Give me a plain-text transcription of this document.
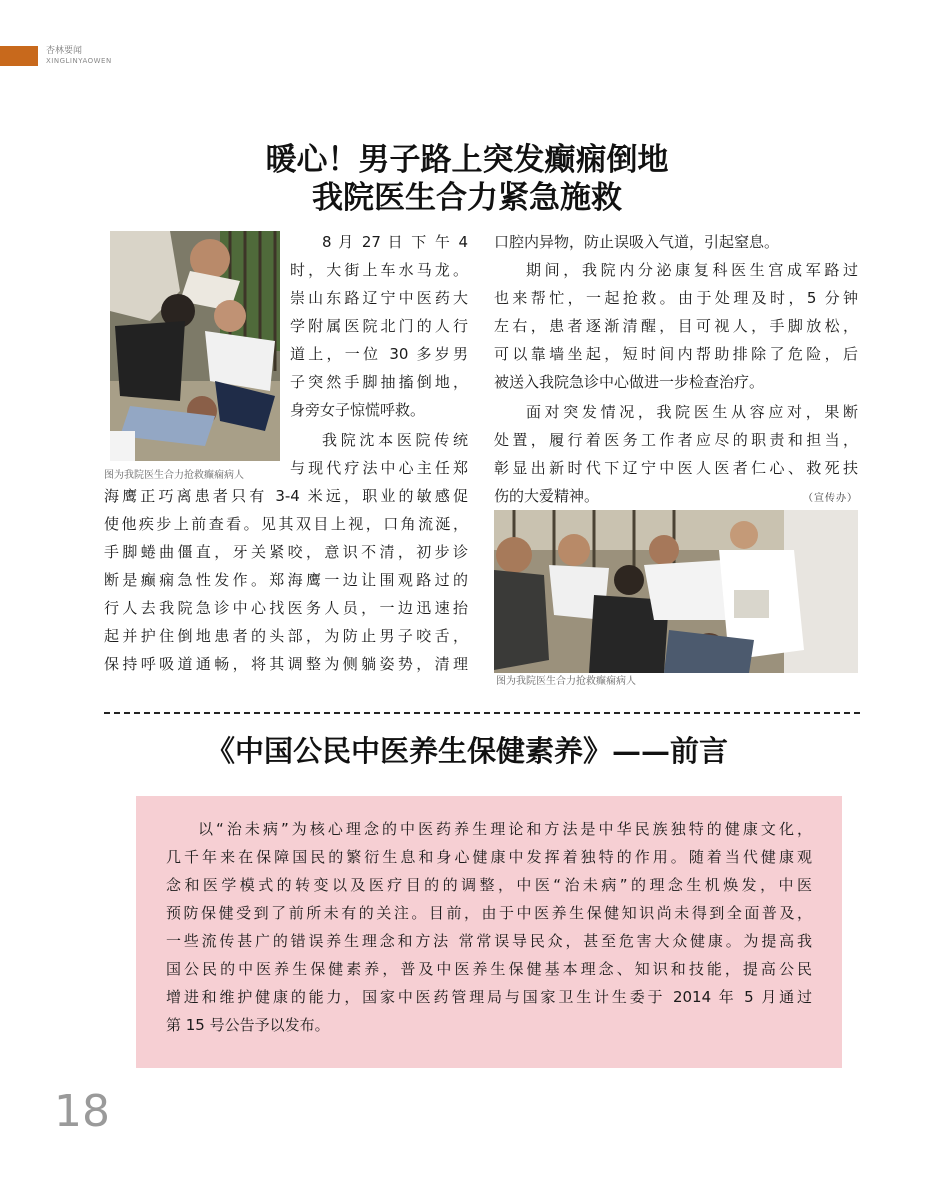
杏林要闻
XINGLINYAOWEN
暖心！男子路上突发癫痫倒地
我院医生合力紧急施救
图为我院医生合力抢救癫痫病人
8 月 27 日 下 午 4
时，大街上车水马龙。
崇山东路辽宁中医药大
学附属医院北门的人行
道上，一位 30 多岁男
子突然手脚抽搐倒地，
身旁女子惊慌呼救。
我院沈本医院传统
与现代疗法中心主任郑
海鹰正巧离患者只有 3-4 米远，职业的敏感促
使他疾步上前查看。见其双目上视，口角流涎，
手脚蜷曲僵直，牙关紧咬，意识不清，初步诊
断是癫痫急性发作。郑海鹰一边让围观路过的
行人去我院急诊中心找医务人员，一边迅速抬
起并护住倒地患者的头部，为防止男子咬舌，
保持呼吸道通畅，将其调整为侧躺姿势，清理
口腔内异物，防止误吸入气道，引起窒息。
期间，我院内分泌康复科医生宫成军路过
也来帮忙，一起抢救。由于处理及时，5 分钟
左右，患者逐渐清醒，目可视人，手脚放松，
可以靠墙坐起，短时间内帮助排除了危险，后
被送入我院急诊中心做进一步检查治疗。
面对突发情况，我院医生从容应对，果断
处置，履行着医务工作者应尽的职责和担当，
彰显出新时代下辽宁中医人医者仁心、救死扶
伤的大爱精神。	（宣传办）
图为我院医生合力抢救癫痫病人
《中国公民中医养生保健素养》——前言
以“治未病”为核心理念的中医药养生理论和方法是中华民族独特的健康文化，
几千年来在保障国民的繁衍生息和身心健康中发挥着独特的作用。随着当代健康观
念和医学模式的转变以及医疗目的的调整，中医“治未病”的理念生机焕发，中医
预防保健受到了前所未有的关注。目前，由于中医养生保健知识尚未得到全面普及，
一些流传甚广的错误养生理念和方法 常常误导民众，甚至危害大众健康。为提高我
国公民的中医养生保健素养，普及中医养生保健基本理念、知识和技能，提高公民
增进和维护健康的能力，国家中医药管理局与国家卫生计生委于 2014 年 5 月通过
第 15 号公告予以发布。
18
